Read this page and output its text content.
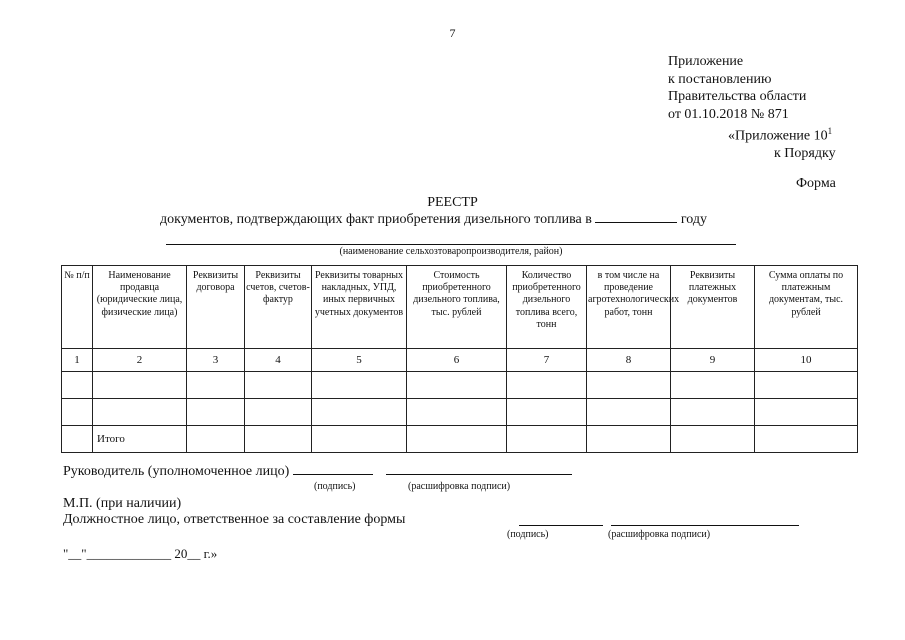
7
Приложение
к постановлению
Правительства области
от 01.10.2018 № 871
«Приложение $10^1$
к Порядку
Форма
РЕЕСТР
документов, подтверждающих факт приобретения дизельного топлива в	году
(наименование сельхозтоваропроизводителя, район)
№ п/п	Наименование продавца (юридические лица, физические лица)	Реквизиты договора	Реквизиты счетов, счетов-фактур	Реквизиты товарных накладных, УПД, иных первичных учетных документов	Стоимость приобретенного дизельного топлива, тыс. рублей	Количество приобретенного дизельного топлива всего, тонн	в том числе на проведение агротехнологических работ, тонн	Реквизиты платежных документов	Сумма оплаты по платежным документам, тыс. рублей
1	2	3	4	5	6	7	8	9	10

	Итого								
Руководитель (уполномоченное лицо)
(подпись)	(расшифровка подписи)
М.П. (при наличии)
Должностное лицо, ответственное за составление формы
(подпись)	(расшифровка подписи)
"__"_____________ 20__ г.»
